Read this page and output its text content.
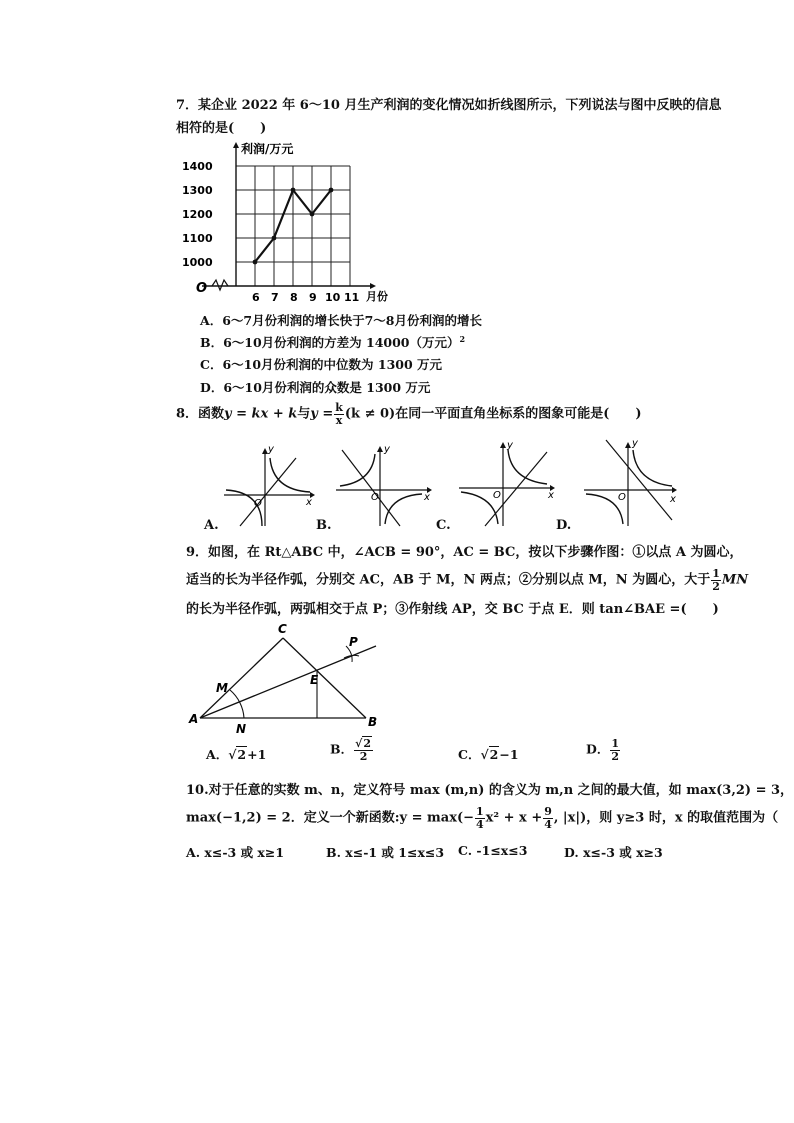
7．某企业 2022 年 6～10 月生产利润的变化情况如折线图所示，下列说法与图中反映的信息
相符的是(　　)
6 7 8 9 10 11
1000
1100
1200
1300
1400
O
利润/万元
月份
A．6～7月份利润的增长快于7～8月份利润的增长
B．6～10月份利润的方差为 14000（万元）$^2$
C．6～10月份利润的中位数为 1300 万元
D．6～10月份利润的众数是 1300 万元
8．函数y = kx + k与$y = \frac{k}{x} (k \ne 0)$在同一平面直角坐标系的图象可能是(　　)
y
x
O
A.
y
x
O
B.
y
x
O
C.
y
x
O
D.
9．如图，在 Rt△ABC 中，∠ACB = 90°，AC = BC，按以下步骤作图：①以点 A 为圆心，
适当的长为半径作弧，分别交 AC，AB 于 M，N 两点；②分别以点 M，N 为圆心，大于 $\frac{1}{2}$ MN
的长为半径作弧，两弧相交于点 P；③作射线 AP，交 BC 于点 E．则 tan∠BAE =(　　)
A	B
C
M
N
P
E
A．√2+1	B． $\frac{√2}{2}$	C．√2−1	D． $\frac{1}{2}$
10.对于任意的实数 m、n，定义符号 max (m,n) 的含义为 m,n 之间的最大值，如 max(3,2) = 3，
max(−1,2) = 2．定义一个新函数:y = $\max(- \frac{1}{4} x^2 + x + \frac{9}{4}$ , |x|)，则 y≥3 时，x 的取值范围为（
A. x≤-3 或 x≥1	B. x≤-1 或 1≤x≤3 C. -1≤x≤3	D. x≤-3 或 x≥3
